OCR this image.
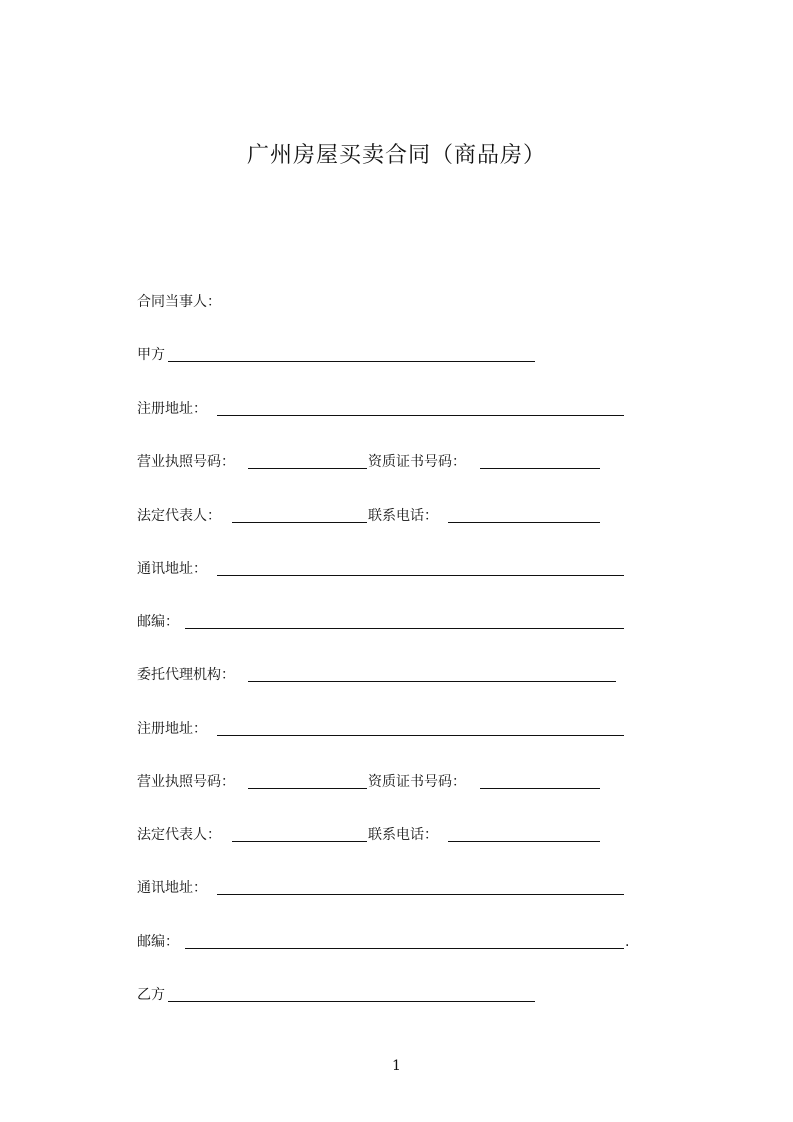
广州房屋买卖合同（商品房）
合同当事人：
甲方
注册地址：
营业执照号码：	资质证书号码：
法定代表人：	联系电话：
通讯地址：
邮编：
委托代理机构：
注册地址：
营业执照号码：	资质证书号码：
法定代表人：	联系电话：
通讯地址：
邮编：	.
乙方
1
